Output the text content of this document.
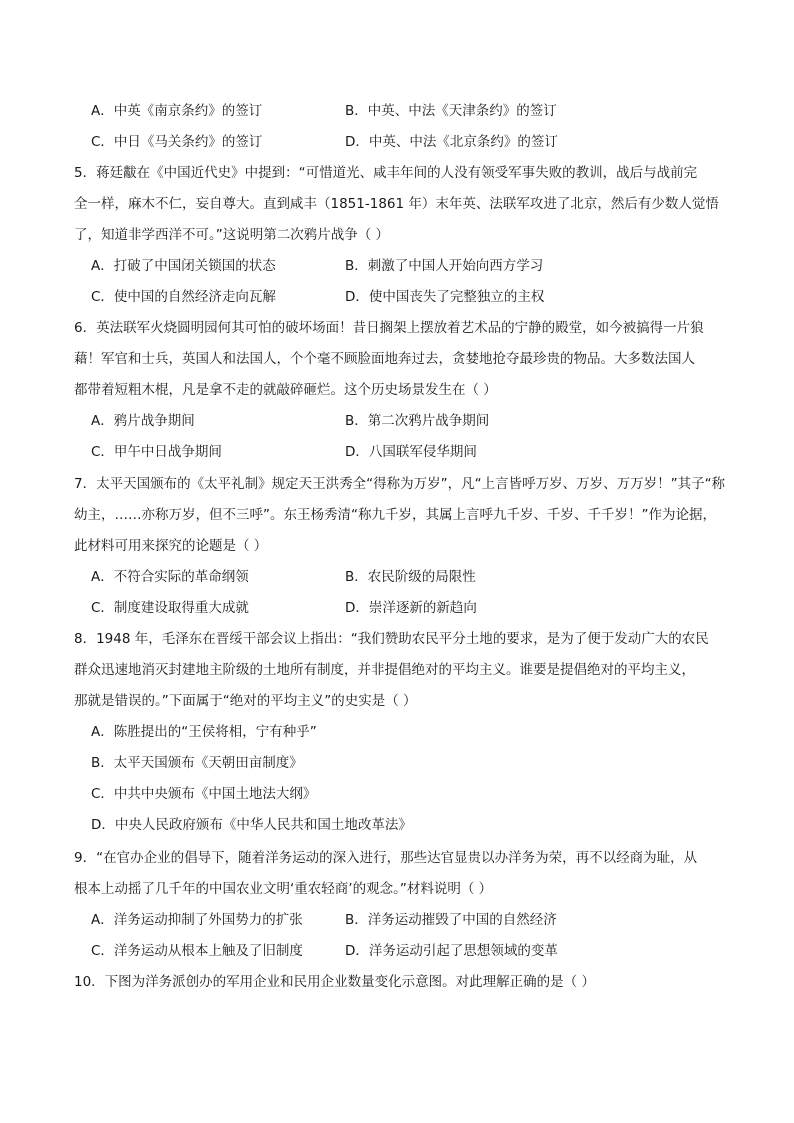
A．中英《南京条约》的签订	B．中英、中法《天津条约》的签订
C．中日《马关条约》的签订	D．中英、中法《北京条约》的签订
5．蒋廷黻在《中国近代史》中提到：“可惜道光、咸丰年间的人没有领受军事失败的教训，战后与战前完
全一样，麻木不仁，妄自尊大。直到咸丰（1851-1861 年）末年英、法联军攻进了北京，然后有少数人觉悟
了，知道非学西洋不可。”这说明第二次鸦片战争（ ）
A．打破了中国闭关锁国的状态	B．刺激了中国人开始向西方学习
C．使中国的自然经济走向瓦解	D．使中国丧失了完整独立的主权
6．英法联军火烧圆明园何其可怕的破坏场面！昔日搁架上摆放着艺术品的宁静的殿堂，如今被搞得一片狼
藉！军官和士兵，英国人和法国人，个个毫不顾脸面地奔过去，贪婪地抢夺最珍贵的物品。大多数法国人
都带着短粗木棍，凡是拿不走的就敲碎砸烂。这个历史场景发生在（ ）
A．鸦片战争期间	B．第二次鸦片战争期间
C．甲午中日战争期间	D．八国联军侵华期间
7．太平天国颁布的《太平礼制》规定天王洪秀全“得称为万岁”，凡“上言皆呼万岁、万岁、万万岁！”其子“称
幼主，……亦称万岁，但不三呼”。东王杨秀清“称九千岁，其属上言呼九千岁、千岁、千千岁！”作为论据，
此材料可用来探究的论题是（ ）
A．不符合实际的革命纲领	B．农民阶级的局限性
C．制度建设取得重大成就	D．崇洋逐新的新趋向
8．1948 年，毛泽东在晋绥干部会议上指出：“我们赞助农民平分土地的要求，是为了便于发动广大的农民
群众迅速地消灭封建地主阶级的土地所有制度，并非提倡绝对的平均主义。谁要是提倡绝对的平均主义，
那就是错误的。”下面属于“绝对的平均主义”的史实是（ ）
A．陈胜提出的“王侯将相，宁有种乎”
B．太平天国颁布《天朝田亩制度》
C．中共中央颁布《中国土地法大纲》
D．中央人民政府颁布《中华人民共和国土地改革法》
9．“在官办企业的倡导下，随着洋务运动的深入进行，那些达官显贵以办洋务为荣，再不以经商为耻，从
根本上动摇了几千年的中国农业文明‘重农轻商’的观念。”材料说明（ ）
A．洋务运动抑制了外国势力的扩张	B．洋务运动摧毁了中国的自然经济
C．洋务运动从根本上触及了旧制度	D．洋务运动引起了思想领域的变革
10．下图为洋务派创办的军用企业和民用企业数量变化示意图。对此理解正确的是（ ）
